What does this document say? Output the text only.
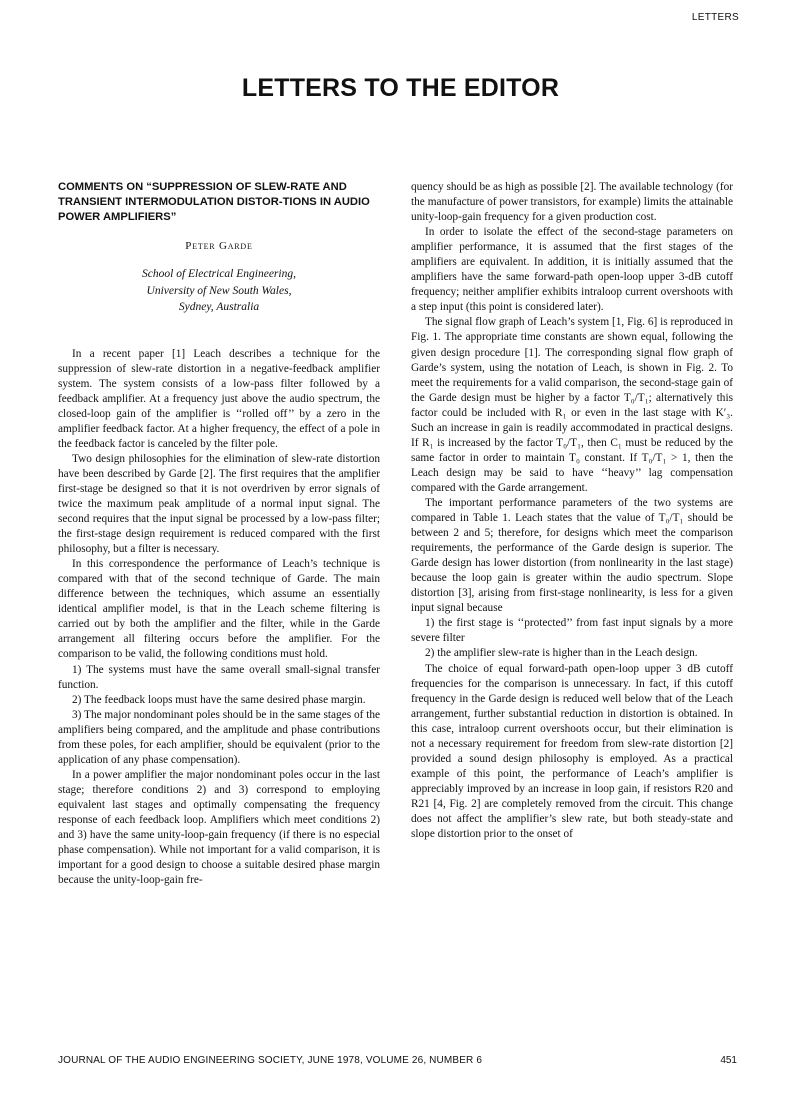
LETTERS
LETTERS TO THE EDITOR
COMMENTS ON “SUPPRESSION OF SLEW-RATE AND TRANSIENT INTERMODULATION DISTOR-TIONS IN AUDIO POWER AMPLIFIERS”
Peter Garde
School of Electrical Engineering,
University of New South Wales,
Sydney, Australia

In a recent paper [1] Leach describes a technique for the suppression of slew-rate distortion in a negative-feedback amplifier system. The system consists of a low-pass filter followed by a feedback amplifier. At a frequency just above the audio spectrum, the closed-loop gain of the amplifier is ‘‘rolled off’’ by a zero in the amplifier feedback factor. At a higher frequency, the effect of a pole in the feedback factor is canceled by the filter pole.

Two design philosophies for the elimination of slew-rate distortion have been described by Garde [2]. The first requires that the amplifier first-stage be designed so that it is not overdriven by error signals of twice the maximum peak amplitude of a normal input signal. The second requires that the input signal be processed by a low-pass filter; the first-stage design requirement is reduced compared with the first philosophy, but a filter is necessary.

In this correspondence the performance of Leach’s technique is compared with that of the second technique of Garde. The main difference between the techniques, which assume an essentially identical amplifier model, is that in the Leach scheme filtering is carried out by both the amplifier and the filter, while in the Garde arrangement all filtering occurs before the amplifier. For the comparison to be valid, the following conditions must hold.

1) The systems must have the same overall small-signal transfer function.

2) The feedback loops must have the same desired phase margin.

3) The major nondominant poles should be in the same stages of the amplifiers being compared, and the amplitude and phase contributions from these poles, for each amplifier, should be equivalent (prior to the application of any phase compensation).

In a power amplifier the major nondominant poles occur in the last stage; therefore conditions 2) and 3) correspond to employing equivalent last stages and optimally compensating the frequency response of each feedback loop. Amplifiers which meet conditions 2) and 3) have the same unity-loop-gain frequency (if there is no especial phase compensation). While not important for a valid comparison, it is important for a good design to choose a suitable desired phase margin because the unity-loop-gain fre-

quency should be as high as possible [2]. The available technology (for the manufacture of power transistors, for example) limits the attainable unity-loop-gain frequency for a given production cost.

In order to isolate the effect of the second-stage parameters on amplifier performance, it is assumed that the first stages of the amplifiers are equivalent. In addition, it is initially assumed that the amplifiers have the same forward-path open-loop upper 3-dB cutoff frequency; neither amplifier exhibits intraloop current overshoots with a step input (this point is considered later).

The signal flow graph of Leach’s system [1, Fig. 6] is reproduced in Fig. 1. The appropriate time constants are shown equal, following the given design procedure [1]. The corresponding signal flow graph of Garde’s system, using the notation of Leach, is shown in Fig. 2. To meet the requirements for a valid comparison, the second-stage gain of the Garde design must be higher by a factor T₀/T₁; alternatively this factor could be included with R₁ or even in the last stage with K′₃. Such an increase in gain is readily accommodated in practical designs. If R₁ is increased by the factor T₀/T₁, then C₁ must be reduced by the same factor in order to maintain T₀ constant. If T₀/T₁ > 1, then the Leach design may be said to have ‘‘heavy’’ lag compensation compared with the Garde arrangement.

The important performance parameters of the two systems are compared in Table 1. Leach states that the value of T₀/T₁ should be between 2 and 5; therefore, for designs which meet the comparison requirements, the performance of the Garde design is superior. The Garde design has lower distortion (from nonlinearity in the last stage) because the loop gain is greater within the audio spectrum. Slope distortion [3], arising from first-stage nonlinearity, is less for a given input signal because

1) the first stage is ‘‘protected’’ from fast input signals by a more severe filter

2) the amplifier slew-rate is higher than in the Leach design.

The choice of equal forward-path open-loop upper 3 dB cutoff frequencies for the comparison is unnecessary. In fact, if this cutoff frequency in the Garde design is reduced well below that of the Leach arrangement, further substantial reduction in distortion is obtained. In this case, intraloop current overshoots occur, but their elimination is not a necessary requirement for freedom from slew-rate distortion [2] provided a sound design philosophy is employed. As a practical example of this point, the performance of Leach’s amplifier is appreciably improved by an increase in loop gain, if resistors R20 and R21 [4, Fig. 2] are completely removed from the circuit. This change does not affect the amplifier’s slew rate, but both steady-state and slope distortion prior to the onset of

JOURNAL OF THE AUDIO ENGINEERING SOCIETY, JUNE 1978, VOLUME 26, NUMBER 6	451
